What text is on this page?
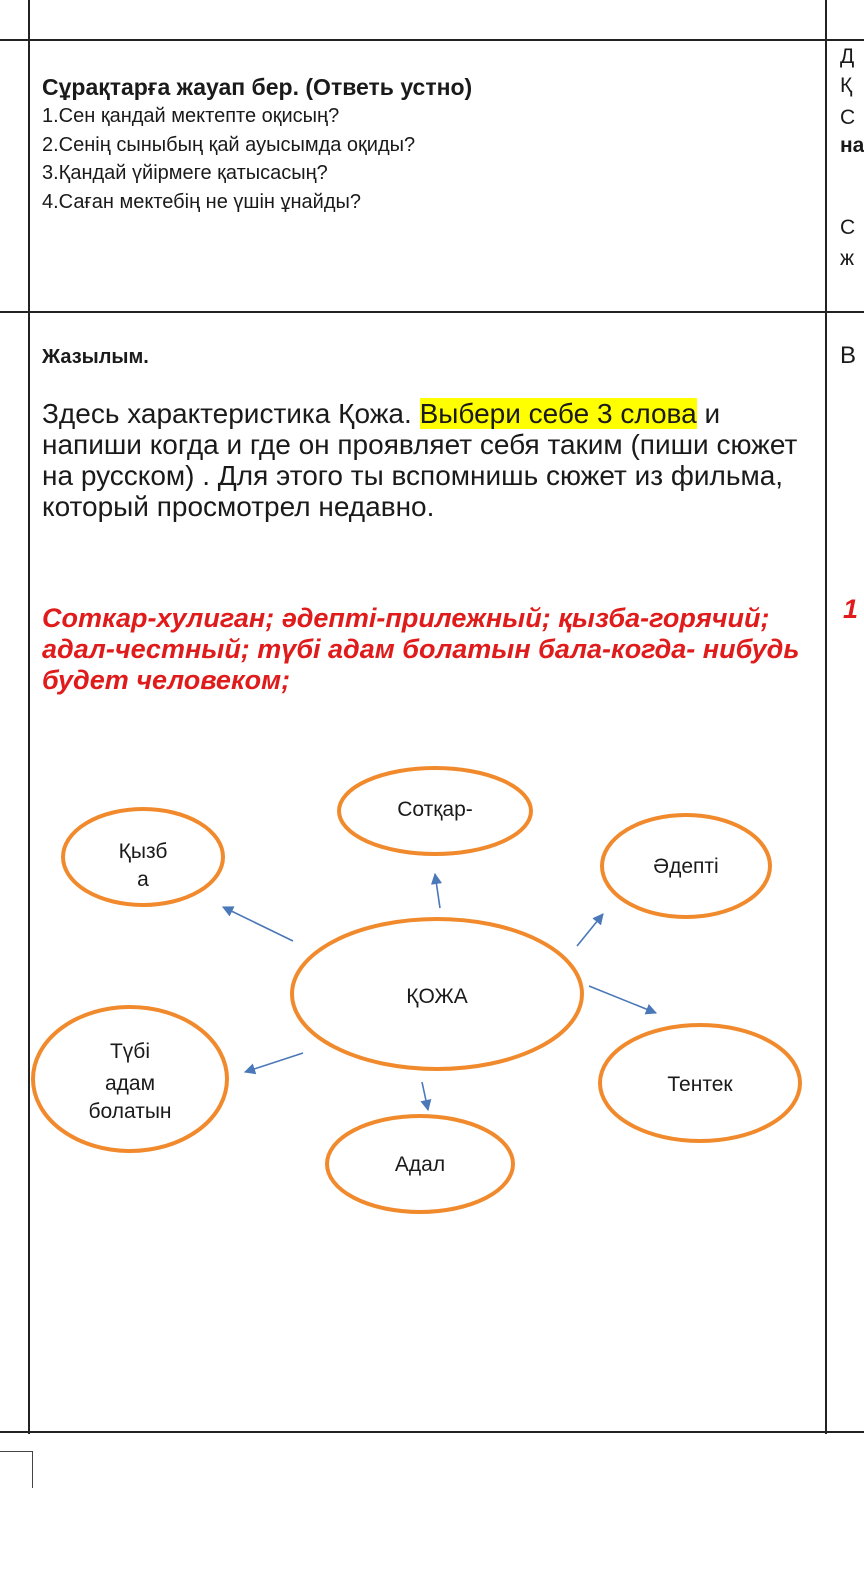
Сұрақтарға жауап бер. (Ответь устно)
1.Сен қандай мектепте оқисың?
2.Сенің сыныбың қай ауысымда оқиды?
3.Қандай үйірмеге қатысасың?
4.Саған мектебің не үшін ұнайды?
Д
Қ
С
на
С
ж
В
1
Жазылым.
Здесь характеристика Қожа. Выбери себе 3 слова и напиши когда и где он проявляет себя таким (пиши сюжет на русском) . Для этого ты вспомнишь сюжет из фильма, который просмотрел недавно.
Соткар-хулиган; әдепті-прилежный; қызба-горячий; адал-честный; түбі адам болатын бала-когда- нибудь будет человеком;
Сотқар-
Қызб
а
Әдепті
ҚОЖА
Түбі
адам
болатын
Тентек
Адал
